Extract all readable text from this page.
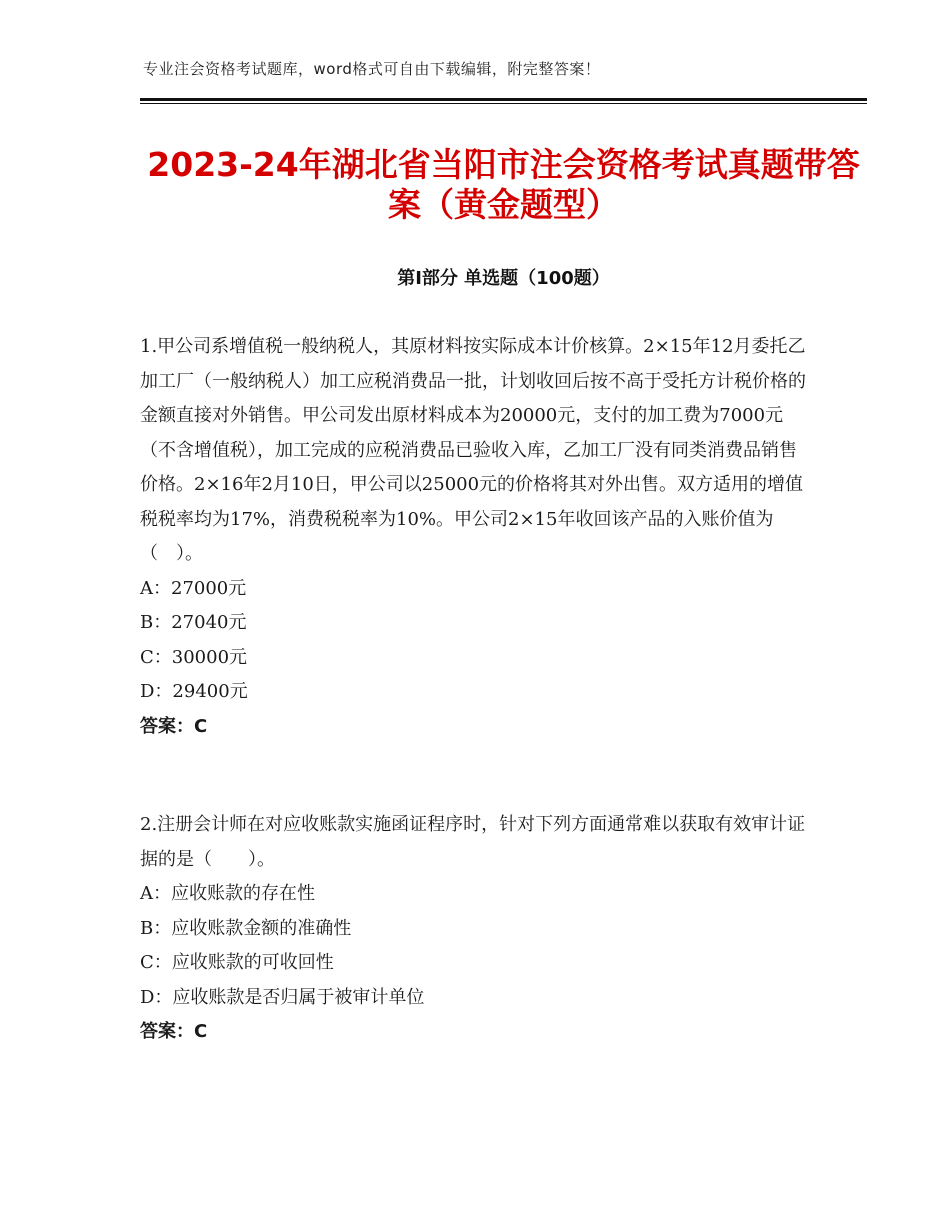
专业注会资格考试题库，word格式可自由下载编辑，附完整答案！
2023-24年湖北省当阳市注会资格考试真题带答案（黄金题型）
第Ⅰ部分 单选题（100题）

1.甲公司系增值税一般纳税人，其原材料按实际成本计价核算。2×15年12月委托乙加工厂（一般纳税人）加工应税消费品一批，计划收回后按不高于受托方计税价格的金额直接对外销售。甲公司发出原材料成本为20000元，支付的加工费为7000元（不含增值税），加工完成的应税消费品已验收入库，乙加工厂没有同类消费品销售价格。2×16年2月10日，甲公司以25000元的价格将其对外出售。双方适用的增值税税率均为17%，消费税税率为10%。甲公司2×15年收回该产品的入账价值为（　）。

A：27000元

B：27040元

C：30000元

D：29400元

答案：C

2.注册会计师在对应收账款实施函证程序时，针对下列方面通常难以获取有效审计证据的是（　　）。

A：应收账款的存在性

B：应收账款金额的准确性

C：应收账款的可收回性

D：应收账款是否归属于被审计单位

答案：C
